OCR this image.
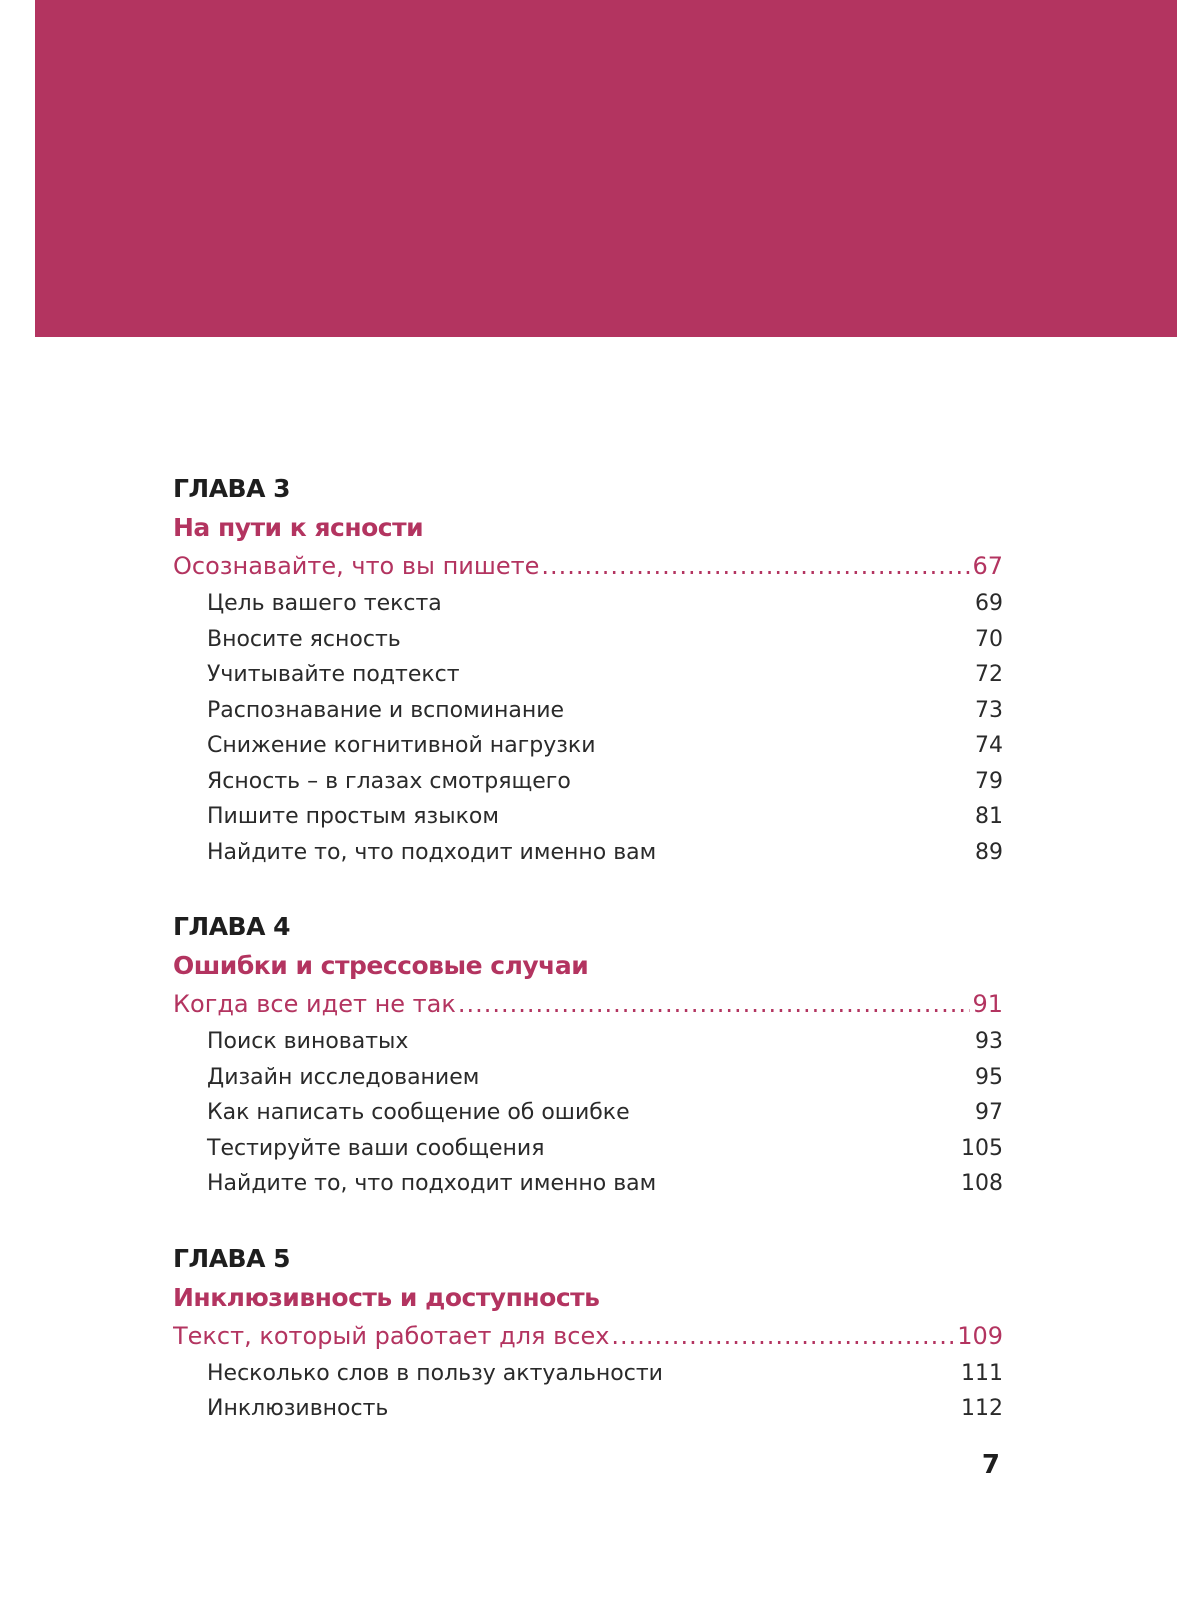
ГЛАВА 3
На пути к ясности
Осознавайте, что вы пишете .....	67
Цель вашего текста	69
Вносите ясность	70
Учитывайте подтекст	72
Распознавание и вспоминание	73
Снижение когнитивной нагрузки	74
Ясность – в глазах смотрящего	79
Пишите простым языком	81
Найдите то, что подходит именно вам	89
ГЛАВА 4
Ошибки и стрессовые случаи
Когда все идет не так .....	91
Поиск виноватых	93
Дизайн исследованием	95
Как написать сообщение об ошибке	97
Тестируйте ваши сообщения	105
Найдите то, что подходит именно вам	108
ГЛАВА 5
Инклюзивность и доступность
Текст, который работает для всех .....	109
Несколько слов в пользу актуальности	111
Инклюзивность	112
7
